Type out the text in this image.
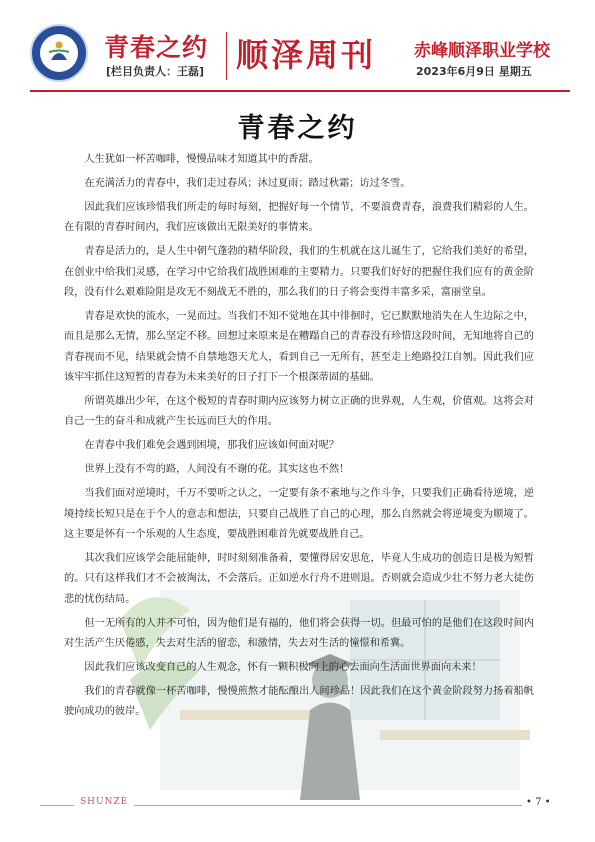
青春之约
[栏目负责人：王磊] 顺泽周刊 赤峰顺泽职业学校
2023年6月9日 星期五
青春之约

人生犹如一杯苦咖啡，慢慢品味才知道其中的香甜。

在充满活力的青春中，我们走过春风；沐过夏雨；踏过秋霜；访过冬雪。

因此我们应该珍惜我们所走的每时每刻，把握好每一个情节，不要浪费青春，浪费我们精彩的人生。在有限的青春时间内，我们应该做出无限美好的事情来。

青春是活力的，是人生中朝气蓬勃的精华阶段，我们的生机就在这儿诞生了，它给我们美好的希望，在创业中给我们灵感，在学习中它给我们战胜困难的主要精力。只要我们好好的把握住我们应有的黄金阶段，没有什么艰难险阻是攻无不刻战无不胜的，那么我们的日子将会变得丰富多采，富丽堂皇。

青春是欢快的流水，一晃而过。当我们不知不觉地在其中徘徊时，它已默默地消失在人生边际之中，而且是那么无情，那么坚定不移。回想过来原来是在糟蹋自己的青春没有珍惜这段时间，无知地将自己的青春视而不见，结果就会情不自禁地怨天尤人，看到自己一无所有，甚至走上绝路投江自刎。因此我们应该牢牢抓住这短暂的青春为未来美好的日子打下一个根深蒂固的基础。

所谓英雄出少年，在这个极短的青春时期内应该努力树立正确的世界观，人生观，价值观。这将会对自己一生的奋斗和成就产生长远而巨大的作用。

在青春中我们难免会遇到困境，那我们应该如何面对呢？

世界上没有不弯的路，人间没有不谢的花。其实这也不然！

当我们面对逆境时，千万不要听之认之，一定要有条不紊地与之作斗争，只要我们正确看待逆境，逆境持续长短只是在于个人的意志和想法，只要自己战胜了自己的心理，那么自然就会将逆境变为顺境了。这主要是怀有一个乐观的人生态度，要战胜困难首先就要战胜自己。

其次我们应该学会能屈能伸，时时刻刻准备着，要懂得居安思危，毕竟人生成功的创造日是极为短暂的。只有这样我们才不会被淘汰，不会落后。正如逆水行舟不进则退。否则就会造成少壮不努力老大徒伤悲的忧伤结局。

但一无所有的人并不可怕，因为他们是有福的，他们将会获得一切。但最可怕的是他们在这段时间内对生活产生厌倦感，失去对生活的留恋，和激情，失去对生活的憧憬和希冀。

因此我们应该改变自己的人生观念，怀有一颗积极向上的心去面向生活面世界面向未来！

我们的青春就像一杯苦咖啡，慢慢煎熬才能酝酿出人间珍品！因此我们在这个黄金阶段努力扬着船帆驶向成功的彼岸。

SHUNZE	• 7 •
